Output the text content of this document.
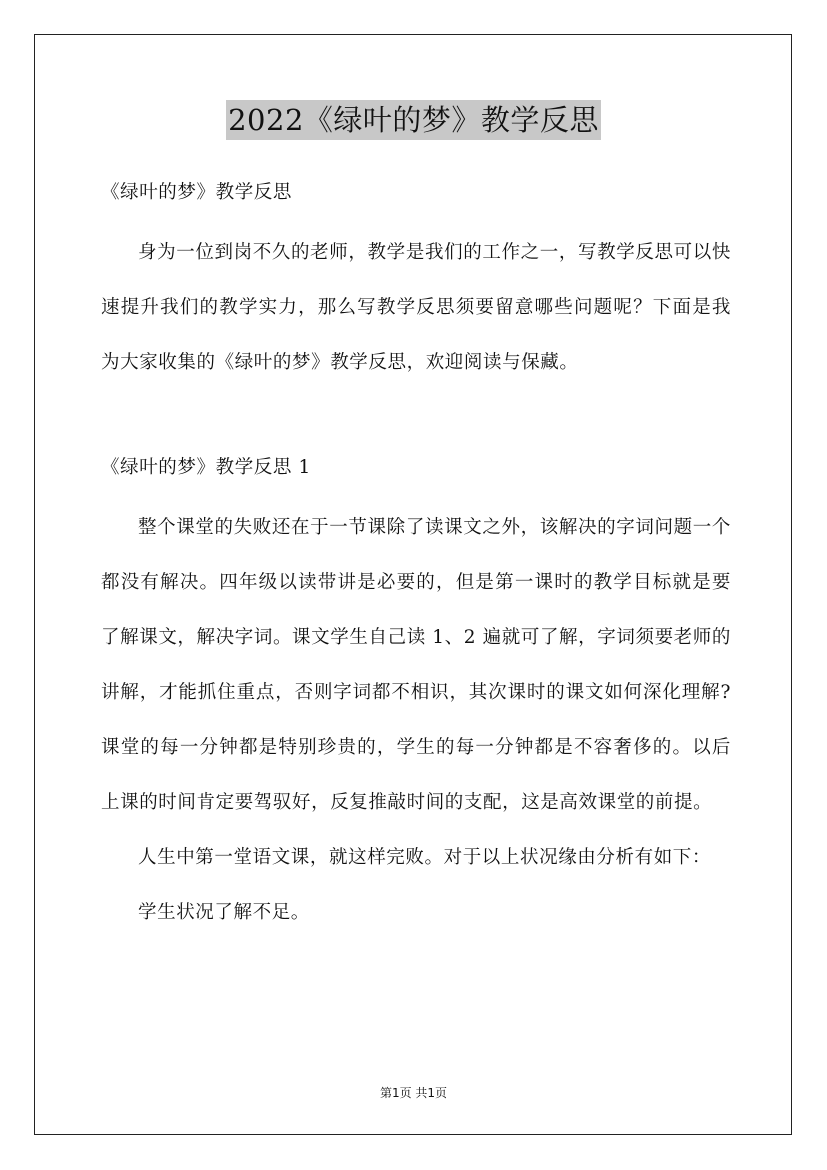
2022《绿叶的梦》教学反思

《绿叶的梦》教学反思

身为一位到岗不久的老师，教学是我们的工作之一，写教学反思可以快速提升我们的教学实力，那么写教学反思须要留意哪些问题呢？下面是我为大家收集的《绿叶的梦》教学反思，欢迎阅读与保藏。

《绿叶的梦》教学反思 1

整个课堂的失败还在于一节课除了读课文之外，该解决的字词问题一个都没有解决。四年级以读带讲是必要的，但是第一课时的教学目标就是要了解课文，解决字词。课文学生自己读 1、2 遍就可了解，字词须要老师的讲解，才能抓住重点，否则字词都不相识，其次课时的课文如何深化理解?课堂的每一分钟都是特别珍贵的，学生的每一分钟都是不容奢侈的。以后上课的时间肯定要驾驭好，反复推敲时间的支配，这是高效课堂的前提。

人生中第一堂语文课，就这样完败。对于以上状况缘由分析有如下：

学生状况了解不足。

第1页 共1页
